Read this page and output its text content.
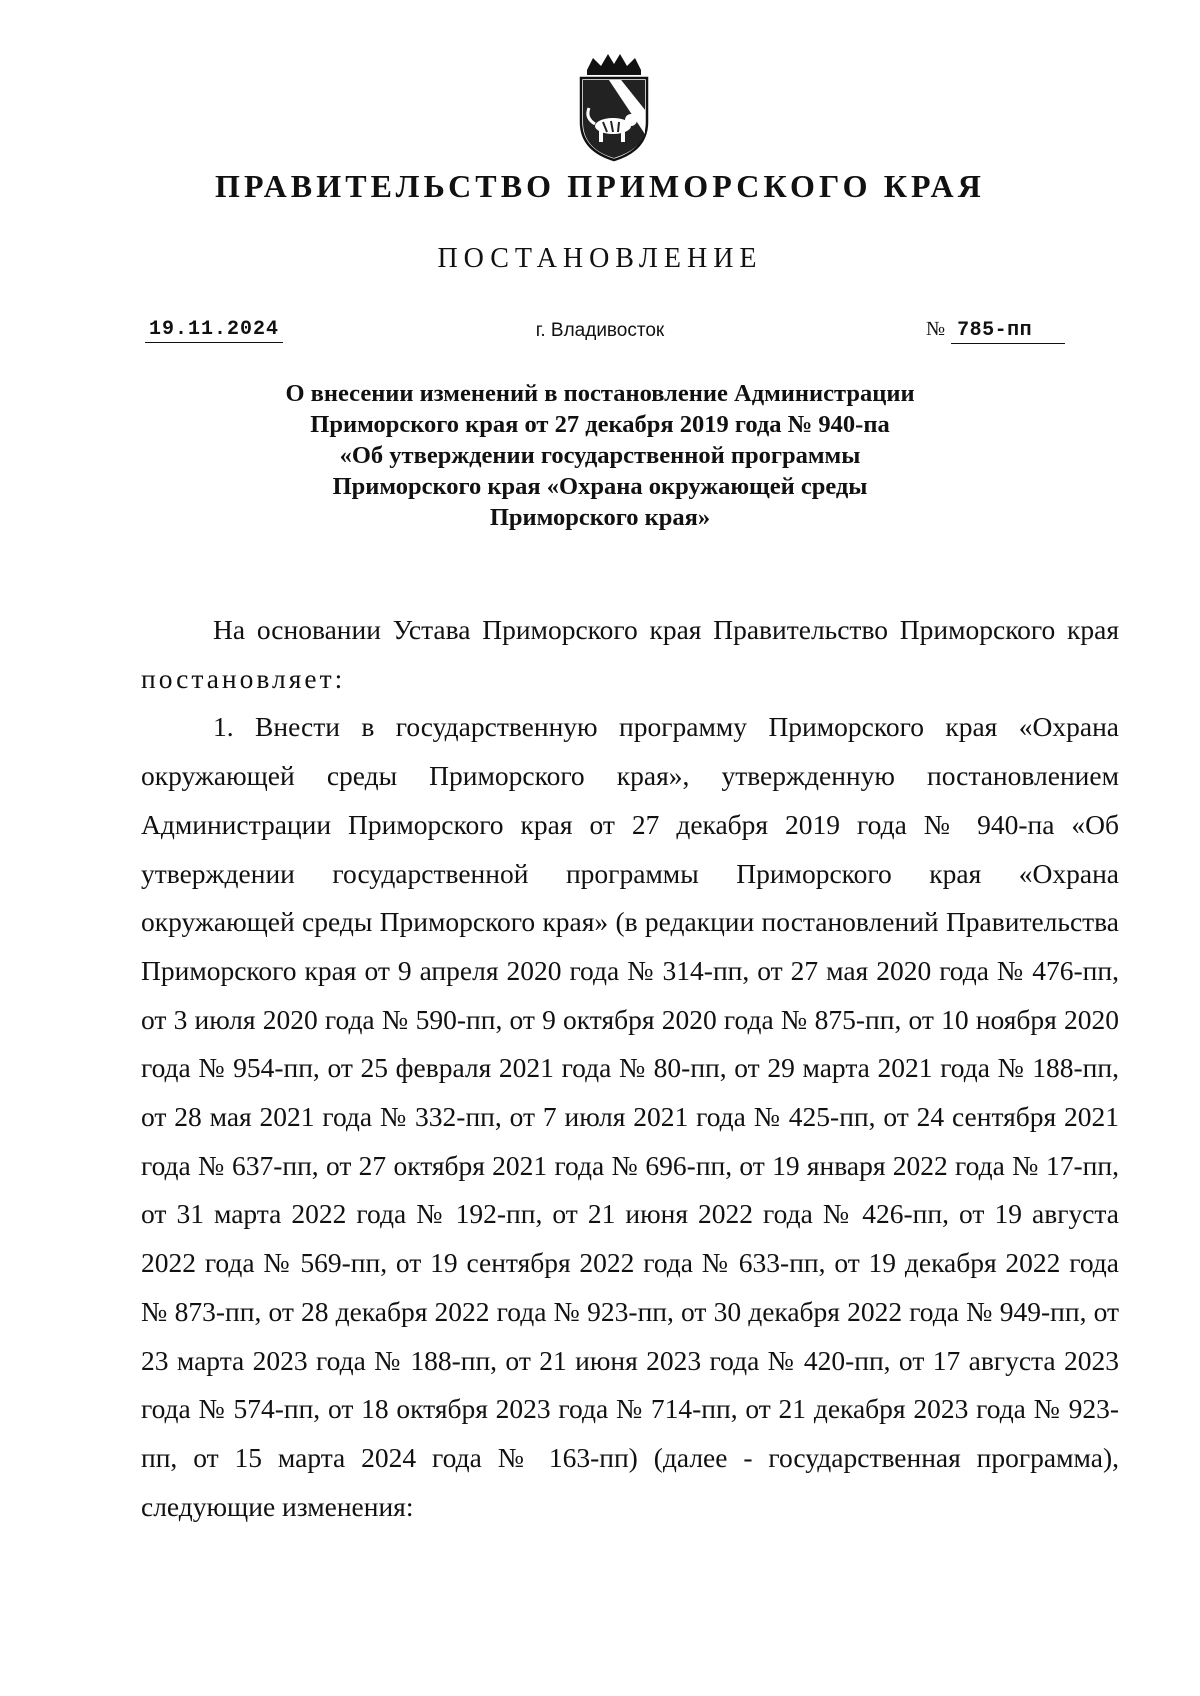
ПРАВИТЕЛЬСТВО ПРИМОРСКОГО КРАЯ
ПОСТАНОВЛЕНИЕ
19.11.2024	г. Владивосток	№ 785-пп
О внесении изменений в постановление Администрации
Приморского края от 27 декабря 2019 года № 940-па
«Об утверждении государственной программы
Приморского края «Охрана окружающей среды
Приморского края»

На основании Устава Приморского края Правительство Приморского края постановляет:

1. Внести в государственную программу Приморского края «Охрана окружающей среды Приморского края», утвержденную постановлением Администрации Приморского края от 27 декабря 2019 года № 940-па «Об утверждении государственной программы Приморского края «Охрана окружающей среды Приморского края» (в редакции постановлений Правительства Приморского края от 9 апреля 2020 года № 314-пп, от 27 мая 2020 года № 476-пп, от 3 июля 2020 года № 590-пп, от 9 октября 2020 года № 875-пп, от 10 ноября 2020 года № 954-пп, от 25 февраля 2021 года № 80-пп, от 29 марта 2021 года № 188-пп, от 28 мая 2021 года № 332-пп, от 7 июля 2021 года № 425-пп, от 24 сентября 2021 года № 637-пп, от 27 октября 2021 года № 696-пп, от 19 января 2022 года № 17-пп, от 31 марта 2022 года № 192-пп, от 21 июня 2022 года № 426-пп, от 19 августа 2022 года № 569-пп, от 19 сентября 2022 года № 633-пп, от 19 декабря 2022 года № 873-пп, от 28 декабря 2022 года № 923-пп, от 30 декабря 2022 года № 949-пп, от 23 марта 2023 года № 188-пп, от 21 июня 2023 года № 420-пп, от 17 августа 2023 года № 574-пп, от 18 октября 2023 года № 714-пп, от 21 декабря 2023 года № 923-пп, от 15 марта 2024 года № 163-пп) (далее - государственная программа), следующие изменения:
